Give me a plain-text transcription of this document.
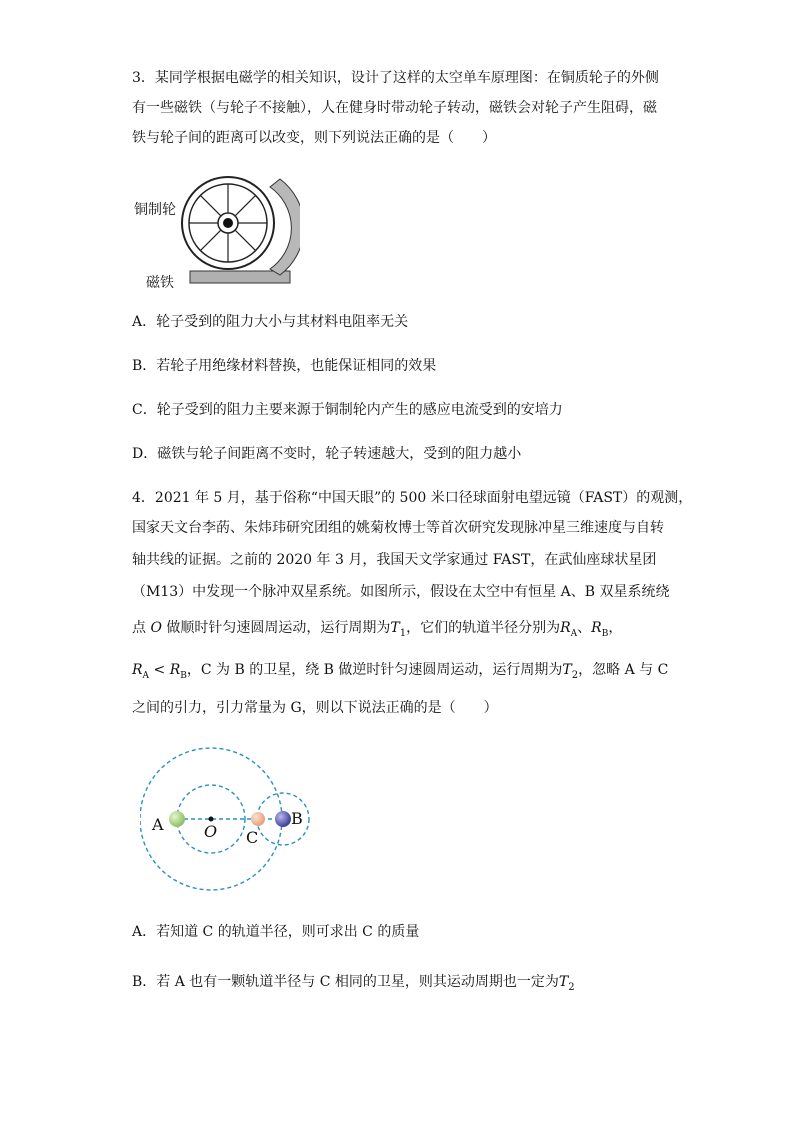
3．某同学根据电磁学的相关知识，设计了这样的太空单车原理图：在铜质轮子的外侧
有一些磁铁（与轮子不接触），人在健身时带动轮子转动，磁铁会对轮子产生阻碍，磁
铁与轮子间的距离可以改变，则下列说法正确的是（　　）
铜制轮
磁铁
A．轮子受到的阻力大小与其材料电阻率无关
B．若轮子用绝缘材料替换，也能保证相同的效果
C．轮子受到的阻力主要来源于铜制轮内产生的感应电流受到的安培力
D．磁铁与轮子间距离不变时，轮子转速越大，受到的阻力越小
4．2021 年 5 月，基于俗称“中国天眼”的 500 米口径球面射电望远镜（FAST）的观测，
国家天文台李菂、朱炜玮研究团组的姚菊枚博士等首次研究发现脉冲星三维速度与自转
轴共线的证据。之前的 2020 年 3 月，我国天文学家通过 FAST，在武仙座球状星团
（M13）中发现一个脉冲双星系统。如图所示，假设在太空中有恒星 A、B 双星系统绕
点 O 做顺时针匀速圆周运动，运行周期为$T_1$，它们的轨道半径分别为$R_A$、$R_B$，
$R_A < R_B$，C 为 B 的卫星，绕 B 做逆时针匀速圆周运动，运行周期为$T_2$，忽略 A 与 C
之间的引力，引力常量为 G，则以下说法正确的是（　　）
A	O C
B
A．若知道 C 的轨道半径，则可求出 C 的质量
B．若 A 也有一颗轨道半径与 C 相同的卫星，则其运动周期也一定为$T_2$
